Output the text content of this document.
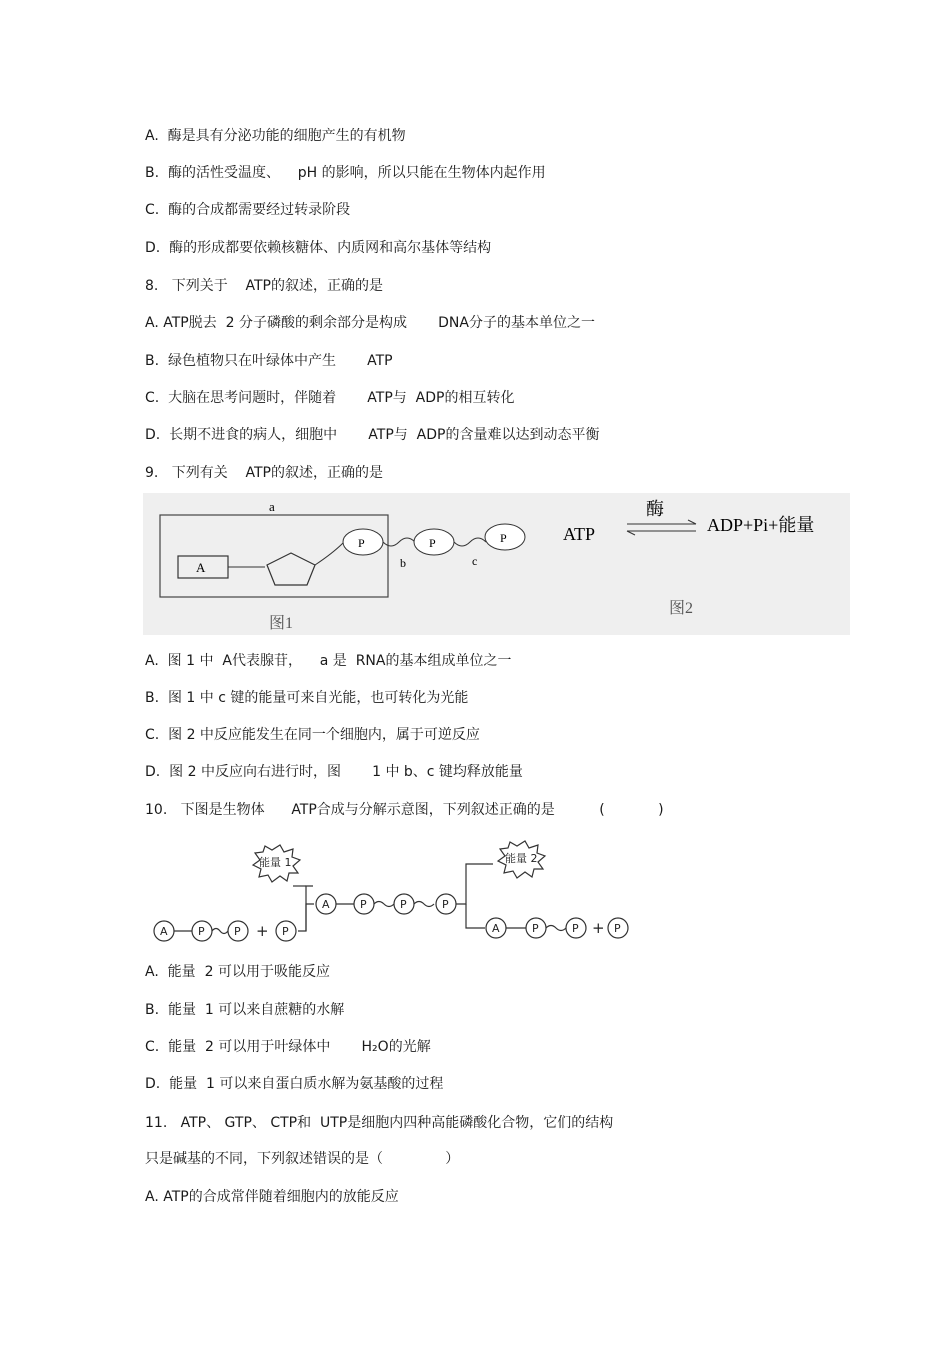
A.  酶是具有分泌功能的细胞产生的有机物
B.  酶的活性受温度、    pH 的影响，所以只能在生物体内起作用
C.  酶的合成都需要经过转录阶段
D.  酶的形成都要依赖核糖体、内质网和高尔基体等结构
8.   下列关于    ATP的叙述，正确的是
A. ATP脱去  2 分子磷酸的剩余部分是构成       DNA分子的基本单位之一
B.  绿色植物只在叶绿体中产生       ATP
C.  大脑在思考问题时，伴随着       ATP与  ADP的相互转化
D.  长期不进食的病人，细胞中       ATP与  ADP的含量难以达到动态平衡
9.   下列有关    ATP的叙述，正确的是
a
A
P	P	P
b	c
图1
ATP
酶
ADP+Pi+能量
图2
A.  图 1 中  A代表腺苷，    a 是  RNA的基本组成单位之一
B.  图 1 中 c 键的能量可来自光能，也可转化为光能
C.  图 2 中反应能发生在同一个细胞内，属于可逆反应
D.  图 2 中反应向右进行时，图       1 中 b、c 键均释放能量
10.   下图是生物体      ATP合成与分解示意图，下列叙述正确的是          (            )
能量 1	能量 2
A	P	P + P
A	P	P	P
A	P	P + P
A.  能量  2 可以用于吸能反应
B.  能量  1 可以来自蔗糖的水解
C.  能量  2 可以用于叶绿体中       H₂O的光解
D.  能量  1 可以来自蛋白质水解为氨基酸的过程
11.   ATP、 GTP、 CTP和  UTP是细胞内四种高能磷酸化合物，它们的结构
只是碱基的不同，下列叙述错误的是（              ）
A. ATP的合成常伴随着细胞内的放能反应
